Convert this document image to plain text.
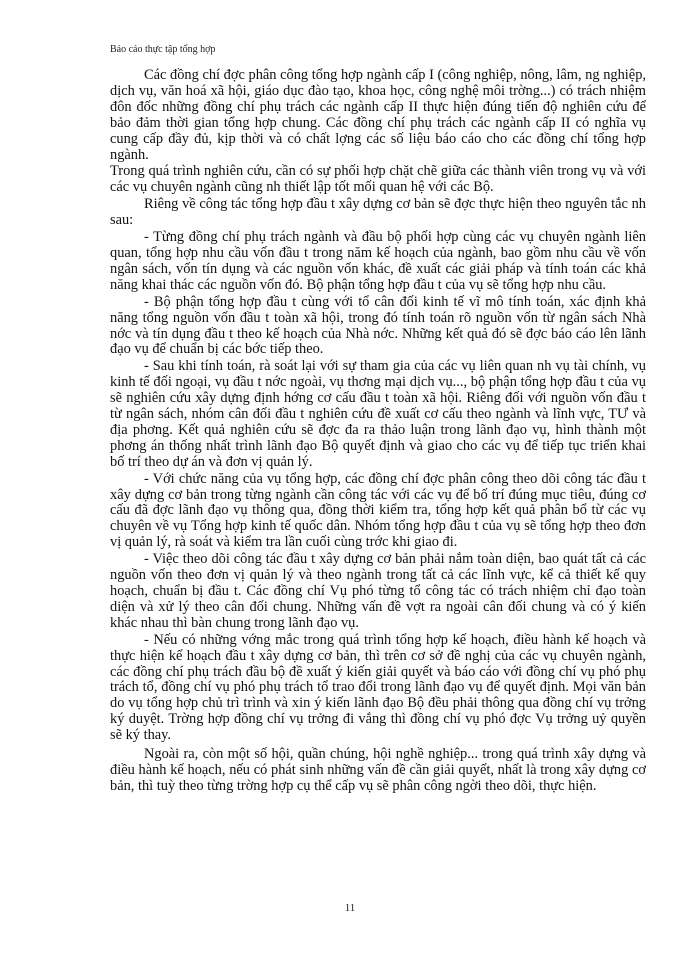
Báo cáo thực tập tổng hợp

Các đồng chí đợc phân công tổng hợp ngành cấp I (công nghiệp, nông, lâm, ng nghiệp, dịch vụ, văn hoá xã hội, giáo dục đào tạo, khoa học, công nghệ môi trờng...) có trách nhiệm đôn đốc những đồng chí phụ trách các ngành cấp II thực hiện đúng tiến độ nghiên cứu để bảo đảm thời gian tổng hợp chung. Các đồng chí phụ trách các ngành cấp II có nghĩa vụ cung cấp đầy đủ, kịp thời và có chất lợng các số liệu báo cáo cho các đồng chí tổng hợp ngành.

Trong quá trình nghiên cứu, cần có sự phối hợp chặt chẽ giữa các thành viên trong vụ và với các vụ chuyên ngành cũng nh thiết lập tốt mối quan hệ với các Bộ.

Riêng về công tác tổng hợp đầu t xây dựng cơ bản sẽ đợc thực hiện theo nguyên tắc nh sau:

- Từng đồng chí phụ trách ngành và đầu bộ phối hợp cùng các vụ chuyên ngành liên quan, tổng hợp nhu cầu vốn đầu t trong năm kế hoạch của ngành, bao gồm nhu cầu về vốn ngân sách, vốn tín dụng và các nguồn vốn khác, đề xuất các giải pháp và tính toán các khả năng khai thác các nguồn vốn đó. Bộ phận tổng hợp đầu t của vụ sẽ tổng hợp nhu cầu.

- Bộ phận tổng hợp đầu t cùng với tổ cân đối kinh tế vĩ mô tính toán, xác định khả năng tổng nguồn vốn đầu t toàn xã hội, trong đó tính toán rõ nguồn vốn từ ngân sách Nhà nớc và tín dụng đầu t theo kế hoạch của Nhà nớc. Những kết quả đó sẽ đợc báo cáo lên lãnh đạo vụ để chuẩn bị các bớc tiếp theo.

- Sau khi tính toán, rà soát lại với sự tham gia của các vụ liên quan nh vụ tài chính, vụ kinh tế đối ngoại, vụ đầu t nớc ngoài, vụ thơng mại dịch vụ..., bộ phận tổng hợp đầu t của vụ sẽ nghiên cứu xây dựng định hớng cơ cấu đầu t toàn xã hội. Riêng đối với nguồn vốn đầu t từ ngân sách, nhóm cân đối đầu t nghiên cứu đề xuất cơ cấu theo ngành và lĩnh vực, TƯ và địa phơng. Kết quả nghiên cứu sẽ đợc đa ra thảo luận trong lãnh đạo vụ, hình thành một phơng án thống nhất trình lãnh đạo Bộ quyết định và giao cho các vụ để tiếp tục triển khai bố trí theo dự án và đơn vị quản lý.

- Với chức năng của vụ tổng hợp, các đồng chí đợc phân công theo dõi công tác đầu t xây dựng cơ bản trong từng ngành cần công tác với các vụ để bố trí đúng mục tiêu, đúng cơ cấu đã đợc lãnh đạo vụ thông qua, đồng thời kiểm tra, tổng hợp kết quả phân bổ từ các vụ chuyên về vụ Tổng hợp kinh tế quốc dân. Nhóm tổng hợp đầu t của vụ sẽ tổng hợp theo đơn vị quản lý, rà soát và kiểm tra lần cuối cùng trớc khi giao đi.

- Việc theo dõi công tác đầu t xây dựng cơ bản phải nắm toàn diện, bao quát tất cả các nguồn vốn theo đơn vị quản lý và theo ngành trong tất cả các lĩnh vực, kể cả thiết kế quy hoạch, chuẩn bị đầu t. Các đồng chí Vụ phó từng tổ công tác có trách nhiệm chỉ đạo toàn diện và xử lý theo cân đối chung. Những vấn đề vợt ra ngoài cân đối chung và có ý kiến khác nhau thì bàn chung trong lãnh đạo vụ.

- Nếu có những vớng mắc trong quá trình tổng hợp kế hoạch, điều hành kế hoạch và thực hiện kế hoạch đầu t xây dựng cơ bản, thì trên cơ sở đề nghị của các vụ chuyên ngành, các đồng chí phụ trách đầu bộ đề xuất ý kiến giải quyết và báo cáo với đồng chí vụ phó phụ trách tổ, đồng chí vụ phó phụ trách tổ trao đổi trong lãnh đạo vụ để quyết định. Mọi văn bản do vụ tổng hợp chủ trì trình và xin ý kiến lãnh đạo Bộ đều phải thông qua đồng chí vụ trởng ký duyệt. Trờng hợp đồng chí vụ trởng đi vắng thì đồng chí vụ phó đợc Vụ trởng uỷ quyền sẽ ký thay.

Ngoài ra, còn một số hội, quần chúng, hội nghề nghiệp... trong quá trình xây dựng và điều hành kế hoạch, nếu có phát sinh những vấn đề cần giải quyết, nhất là trong xây dựng cơ bản, thì tuỳ theo từng trờng hợp cụ thể cấp vụ sẽ phân công ngời theo dõi, thực hiện.

11
